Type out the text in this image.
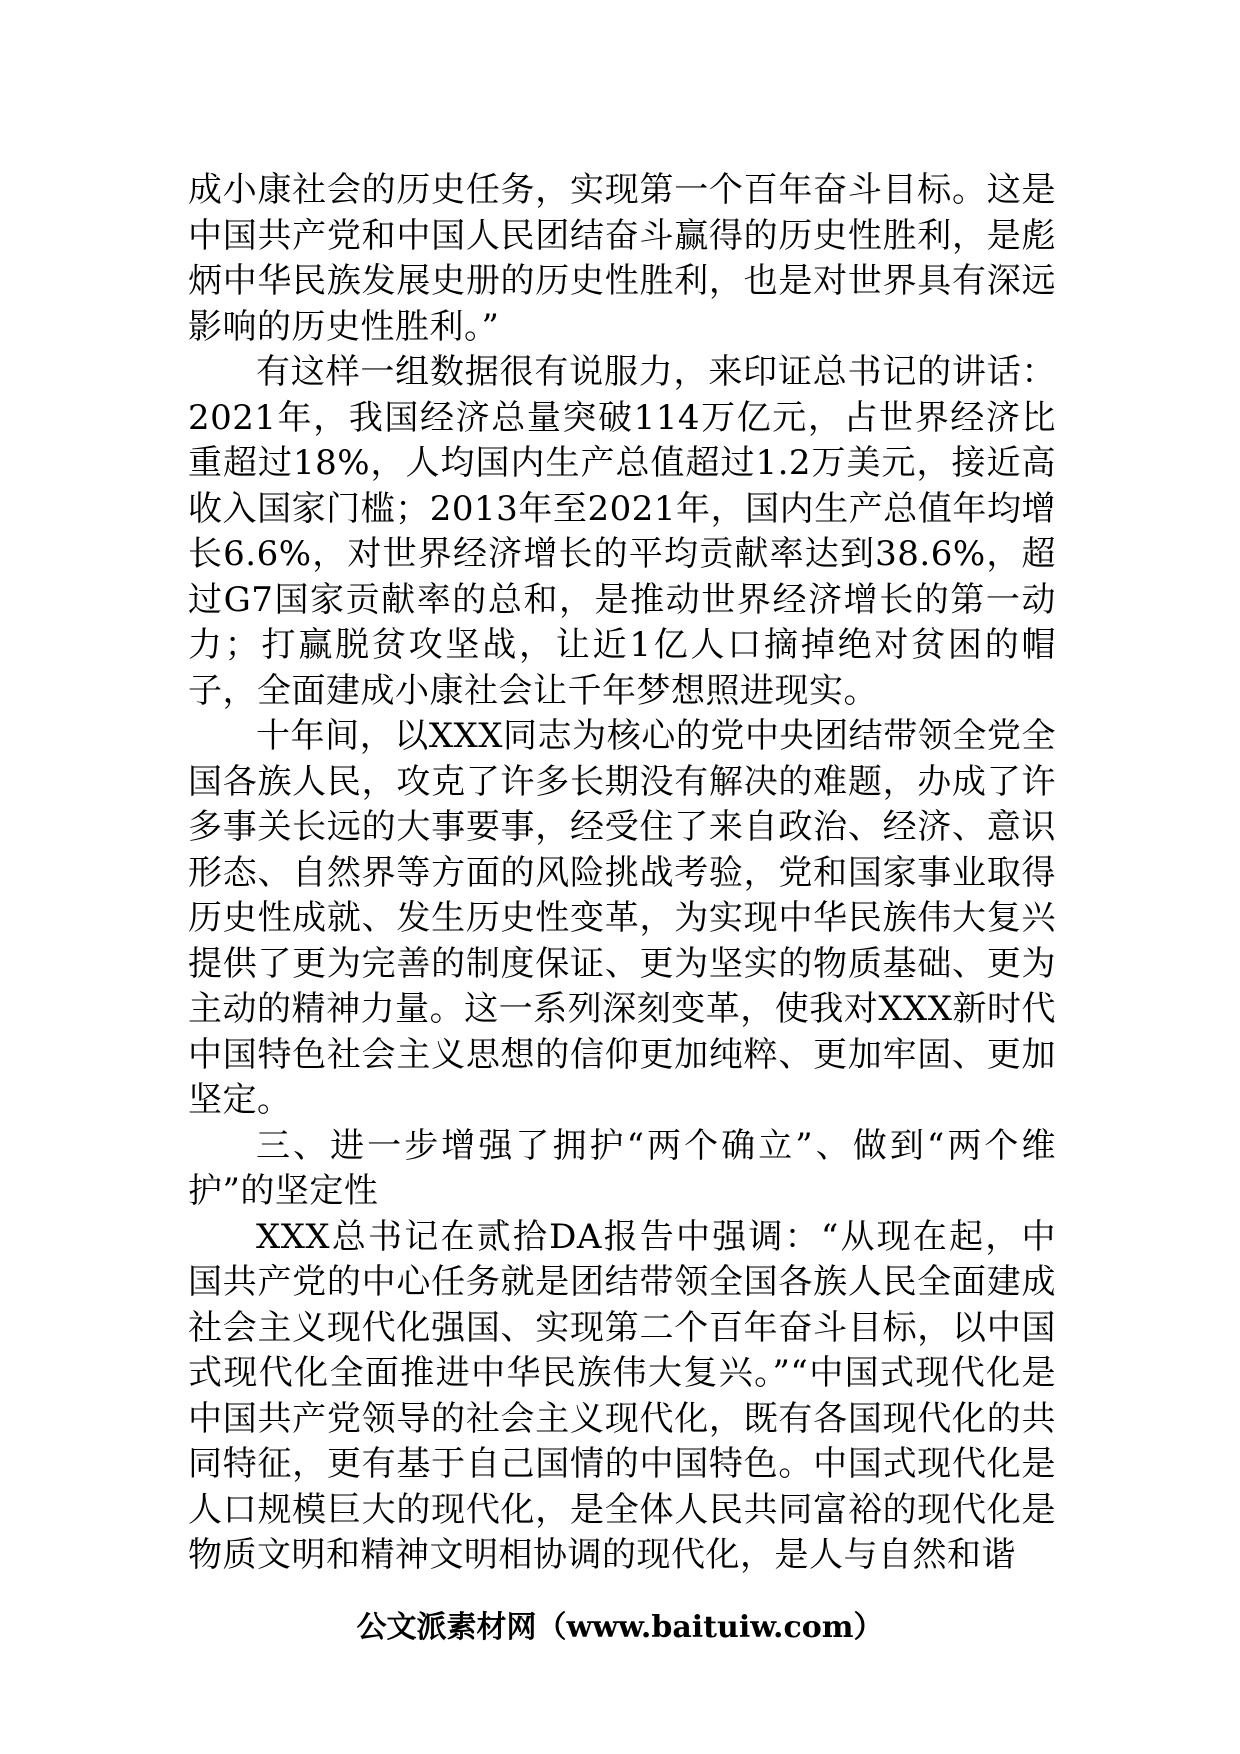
成小康社会的历史任务，实现第一个百年奋斗目标。这是中国共产党和中国人民团结奋斗赢得的历史性胜利，是彪炳中华民族发展史册的历史性胜利，也是对世界具有深远影响的历史性胜利。”

有这样一组数据很有说服力，来印证总书记的讲话：2021年，我国经济总量突破114万亿元，占世界经济比重超过18%，人均国内生产总值超过1.2万美元，接近高收入国家门槛；2013年至2021年，国内生产总值年均增长6.6%，对世界经济增长的平均贡献率达到38.6%，超过G7国家贡献率的总和，是推动世界经济增长的第一动力；打赢脱贫攻坚战，让近1亿人口摘掉绝对贫困的帽子，全面建成小康社会让千年梦想照进现实。

十年间，以XXX同志为核心的党中央团结带领全党全国各族人民，攻克了许多长期没有解决的难题，办成了许多事关长远的大事要事，经受住了来自政治、经济、意识形态、自然界等方面的风险挑战考验，党和国家事业取得历史性成就、发生历史性变革，为实现中华民族伟大复兴提供了更为完善的制度保证、更为坚实的物质基础、更为主动的精神力量。这一系列深刻变革，使我对XXX新时代中国特色社会主义思想的信仰更加纯粹、更加牢固、更加坚定。

三、进一步增强了拥护“两个确立”、做到“两个维护”的坚定性

XXX总书记在贰拾DA报告中强调：“从现在起，中国共产党的中心任务就是团结带领全国各族人民全面建成社会主义现代化强国、实现第二个百年奋斗目标，以中国式现代化全面推进中华民族伟大复兴。”“中国式现代化是中国共产党领导的社会主义现代化，既有各国现代化的共同特征，更有基于自己国情的中国特色。中国式现代化是人口规模巨大的现代化，是全体人民共同富裕的现代化是物质文明和精神文明相协调的现代化，是人与自然和谐

公文派素材网（www.baituiw.com）
